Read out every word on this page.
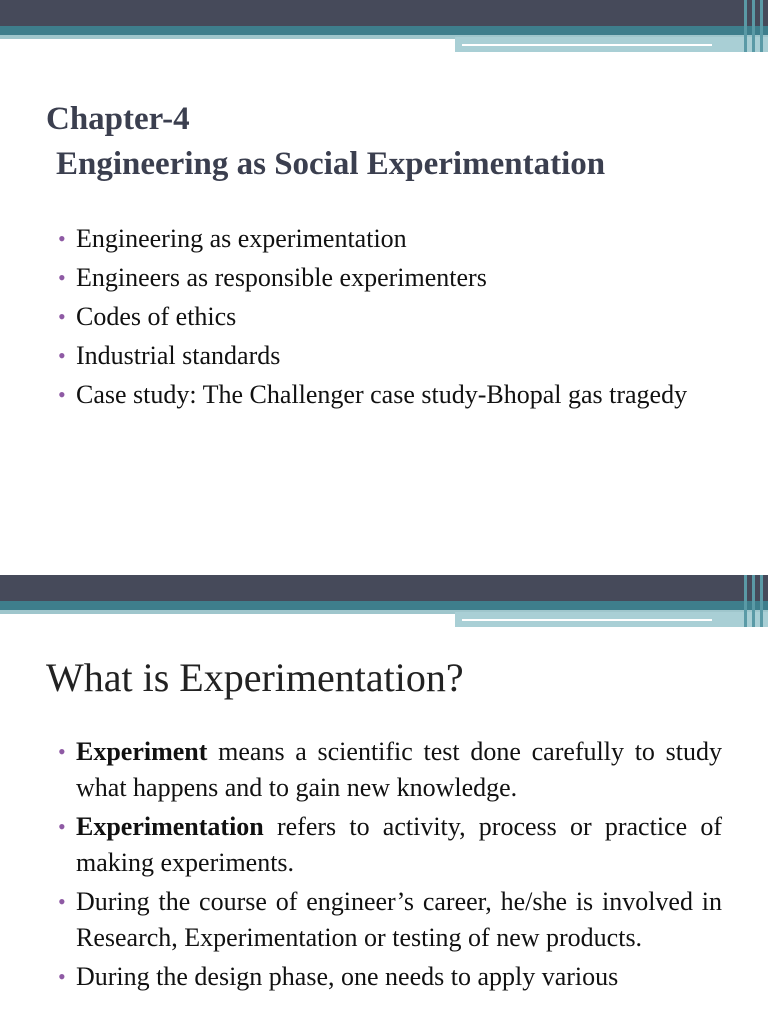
Chapter-4
Engineering as Social Experimentation
• Engineering as experimentation
• Engineers as responsible experimenters
• Codes of ethics
• Industrial standards
• Case study: The Challenger case study-Bhopal gas tragedy
What is Experimentation?
• Experiment means a scientific test done carefully to study what happens and to gain new knowledge.
• Experimentation refers to activity, process or practice of making experiments.
• During the course of engineer’s career, he/she is involved in Research, Experimentation or testing of new products.
• During the design phase, one needs to apply various
